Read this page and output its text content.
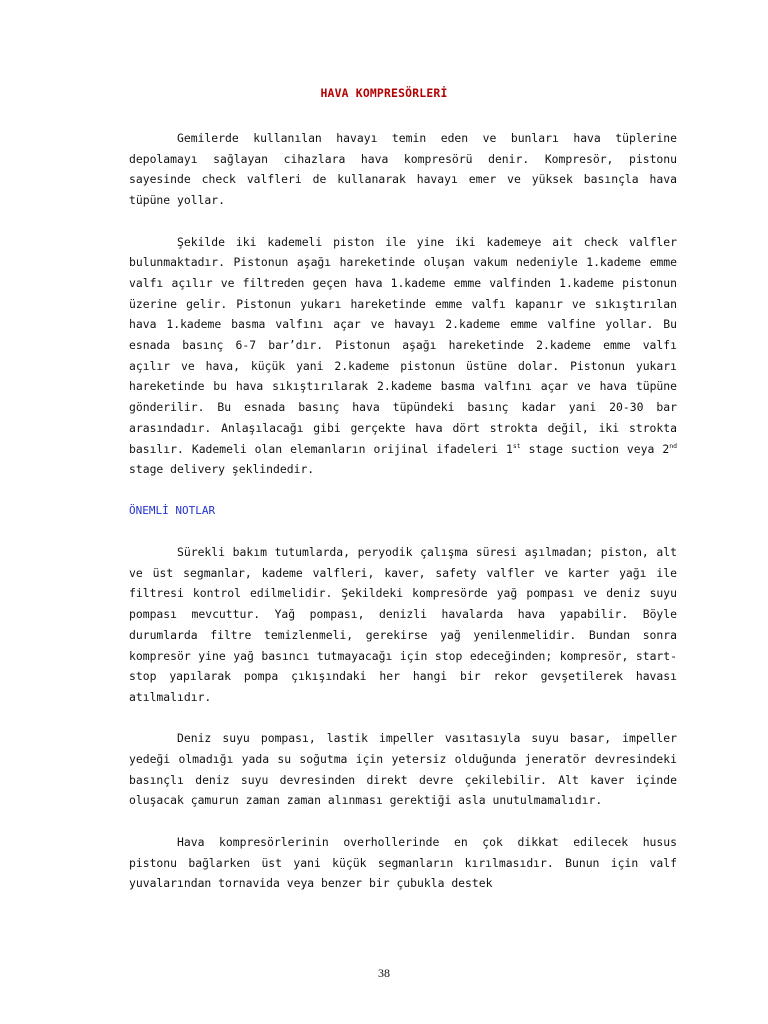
HAVA KOMPRESÖRLERİ

Gemilerde kullanılan havayı temin eden ve bunları hava tüplerine depolamayı sağlayan cihazlara hava kompresörü denir. Kompresör, pistonu sayesinde check valfleri de kullanarak havayı emer ve yüksek basınçla hava tüpüne yollar.

Şekilde iki kademeli piston ile yine iki kademeye ait check valfler bulunmaktadır. Pistonun aşağı hareketinde oluşan vakum nedeniyle 1.kademe emme valfı açılır ve filtreden geçen hava 1.kademe emme valfinden 1.kademe pistonun üzerine gelir. Pistonun yukarı hareketinde emme valfı kapanır ve sıkıştırılan hava 1.kademe basma valfını açar ve havayı 2.kademe emme valfine yollar. Bu esnada basınç 6-7 bar’dır. Pistonun aşağı hareketinde 2.kademe emme valfı açılır ve hava, küçük yani 2.kademe pistonun üstüne dolar. Pistonun yukarı hareketinde bu hava sıkıştırılarak 2.kademe basma valfını açar ve hava tüpüne gönderilir. Bu esnada basınç hava tüpündeki basınç kadar yani 20-30 bar arasındadır. Anlaşılacağı gibi gerçekte hava dört strokta değil, iki strokta basılır. Kademeli olan elemanların orijinal ifadeleri 1st stage suction veya 2nd stage delivery şeklindedir.

ÖNEMLİ NOTLAR

Sürekli bakım tutumlarda, peryodik çalışma süresi aşılmadan; piston, alt ve üst segmanlar, kademe valfleri, kaver, safety valfler ve karter yağı ile filtresi kontrol edilmelidir. Şekildeki kompresörde yağ pompası ve deniz suyu pompası mevcuttur. Yağ pompası, denizli havalarda hava yapabilir. Böyle durumlarda filtre temizlenmeli, gerekirse yağ yenilenmelidir. Bundan sonra kompresör yine yağ basıncı tutmayacağı için stop edeceğinden; kompresör, start-stop yapılarak pompa çıkışındaki her hangi bir rekor gevşetilerek havası atılmalıdır.

Deniz suyu pompası, lastik impeller vasıtasıyla suyu basar, impeller yedeği olmadığı yada su soğutma için yetersiz olduğunda jeneratör devresindeki basınçlı deniz suyu devresinden direkt devre çekilebilir. Alt kaver içinde oluşacak çamurun zaman zaman alınması gerektiği asla unutulmamalıdır.

Hava kompresörlerinin overhollerinde en çok dikkat edilecek husus pistonu bağlarken üst yani küçük segmanların kırılmasıdır. Bunun için valf yuvalarından tornavida veya benzer bir çubukla destek

38
